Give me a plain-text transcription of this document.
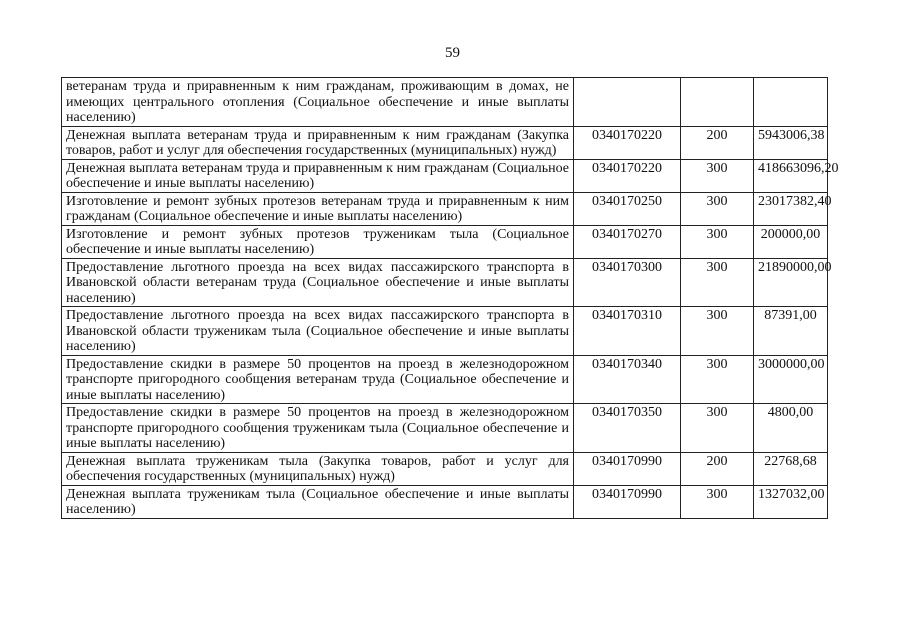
59
ветеранам труда и приравненным к ним гражданам, проживающим в домах, не имеющих центрального отопления (Социальное обеспечение и иные выплаты населению)			
Денежная выплата ветеранам труда и приравненным к ним гражданам (Закупка товаров, работ и услуг для обеспечения государственных (муниципальных) нужд)	0340170220	200	5943006,38
Денежная выплата ветеранам труда и приравненным к ним гражданам (Социальное обеспечение и иные выплаты населению)	0340170220	300	418663096,20
Изготовление и ремонт зубных протезов ветеранам труда и приравненным к ним гражданам (Социальное обеспечение и иные выплаты населению)	0340170250	300	23017382,40
Изготовление и ремонт зубных протезов труженикам тыла (Социальное обеспечение и иные выплаты населению)	0340170270	300	200000,00
Предоставление льготного проезда на всех видах пассажирского транспорта в Ивановской области ветеранам труда (Социальное обеспечение и иные выплаты населению)	0340170300	300	21890000,00
Предоставление льготного проезда на всех видах пассажирского транспорта в Ивановской области труженикам тыла (Социальное обеспечение и иные выплаты населению)	0340170310	300	87391,00
Предоставление скидки в размере 50 процентов на проезд в железнодорожном транспорте пригородного сообщения ветеранам труда (Социальное обеспечение и иные выплаты населению)	0340170340	300	3000000,00
Предоставление скидки в размере 50 процентов на проезд в железнодорожном транспорте пригородного сообщения труженикам тыла (Социальное обеспечение и иные выплаты населению)	0340170350	300	4800,00
Денежная выплата труженикам тыла (Закупка товаров, работ и услуг для обеспечения государственных (муниципальных) нужд)	0340170990	200	22768,68
Денежная выплата труженикам тыла (Социальное обеспечение и иные выплаты населению)	0340170990	300	1327032,00
